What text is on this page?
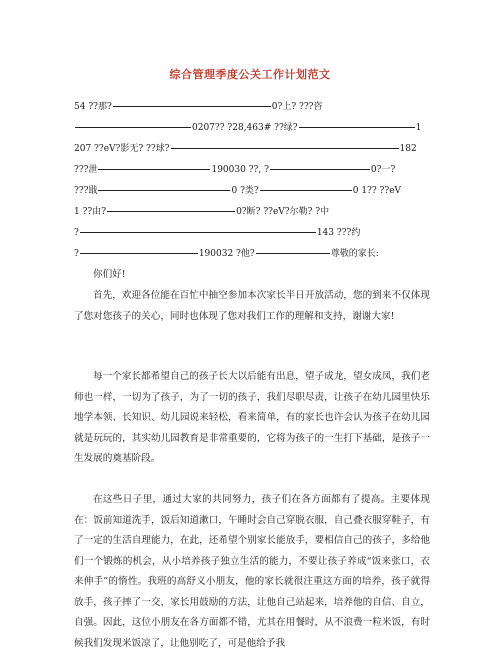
综合管理季度公关工作计划范文
54 ??那?	0?上? ???咨
0207?? ?28,463# ??绿?	1
207 ??eV?影无? ??球?	182
???泄	190030 ??, ?	0?一?
???戢	0 ?类?	0 1?? ??eV
1 ??由?	0?断? ??eV?尔勒? ?中
?	143 ???约
?	190032 ?他?	尊敬的家长:
你们好!
首先，欢迎各位能在百忙中抽空参加本次家长半日开放活动，您的到来不仅体现了您对您孩子的关心，同时也体现了您对我们工作的理解和支持，谢谢大家!
每一个家长都希望自己的孩子长大以后能有出息，望子成龙，望女成凤，我们老师也一样，一切为了孩子，为了一切的孩子，我们尽职尽责，让孩子在幼儿园里快乐地学本领、长知识、幼儿园说来轻松，看来简单，有的家长也许会认为孩子在幼儿园就是玩玩的，其实幼儿园教育是非常重要的，它将为孩子的一生打下基础，是孩子一生发展的奠基阶段。
在这些日子里，通过大家的共同努力，孩子们在各方面都有了提高。主要体现在：饭前知道洗手，饭后知道漱口，午睡时会自己穿脱衣服，自己叠衣服穿鞋子，有了一定的生活自理能力，在此，还希望个别家长能放手，要相信自己的孩子，多给他们一个锻炼的机会，从小培养孩子独立生活的能力，不要让孩子养成“饭来张口，衣来伸手”的惰性。我班的高舒义小朋友，他的家长就很注重这方面的培养，孩子就得放手，孩子摔了一交，家长用鼓励的方法，让他自己站起来，培养他的自信、自立，自强。因此，这位小朋友在各方面都不错，尤其在用餐时，从不浪费一粒米饭，有时候我们发现米饭凉了，让他别吃了，可是他给予我
